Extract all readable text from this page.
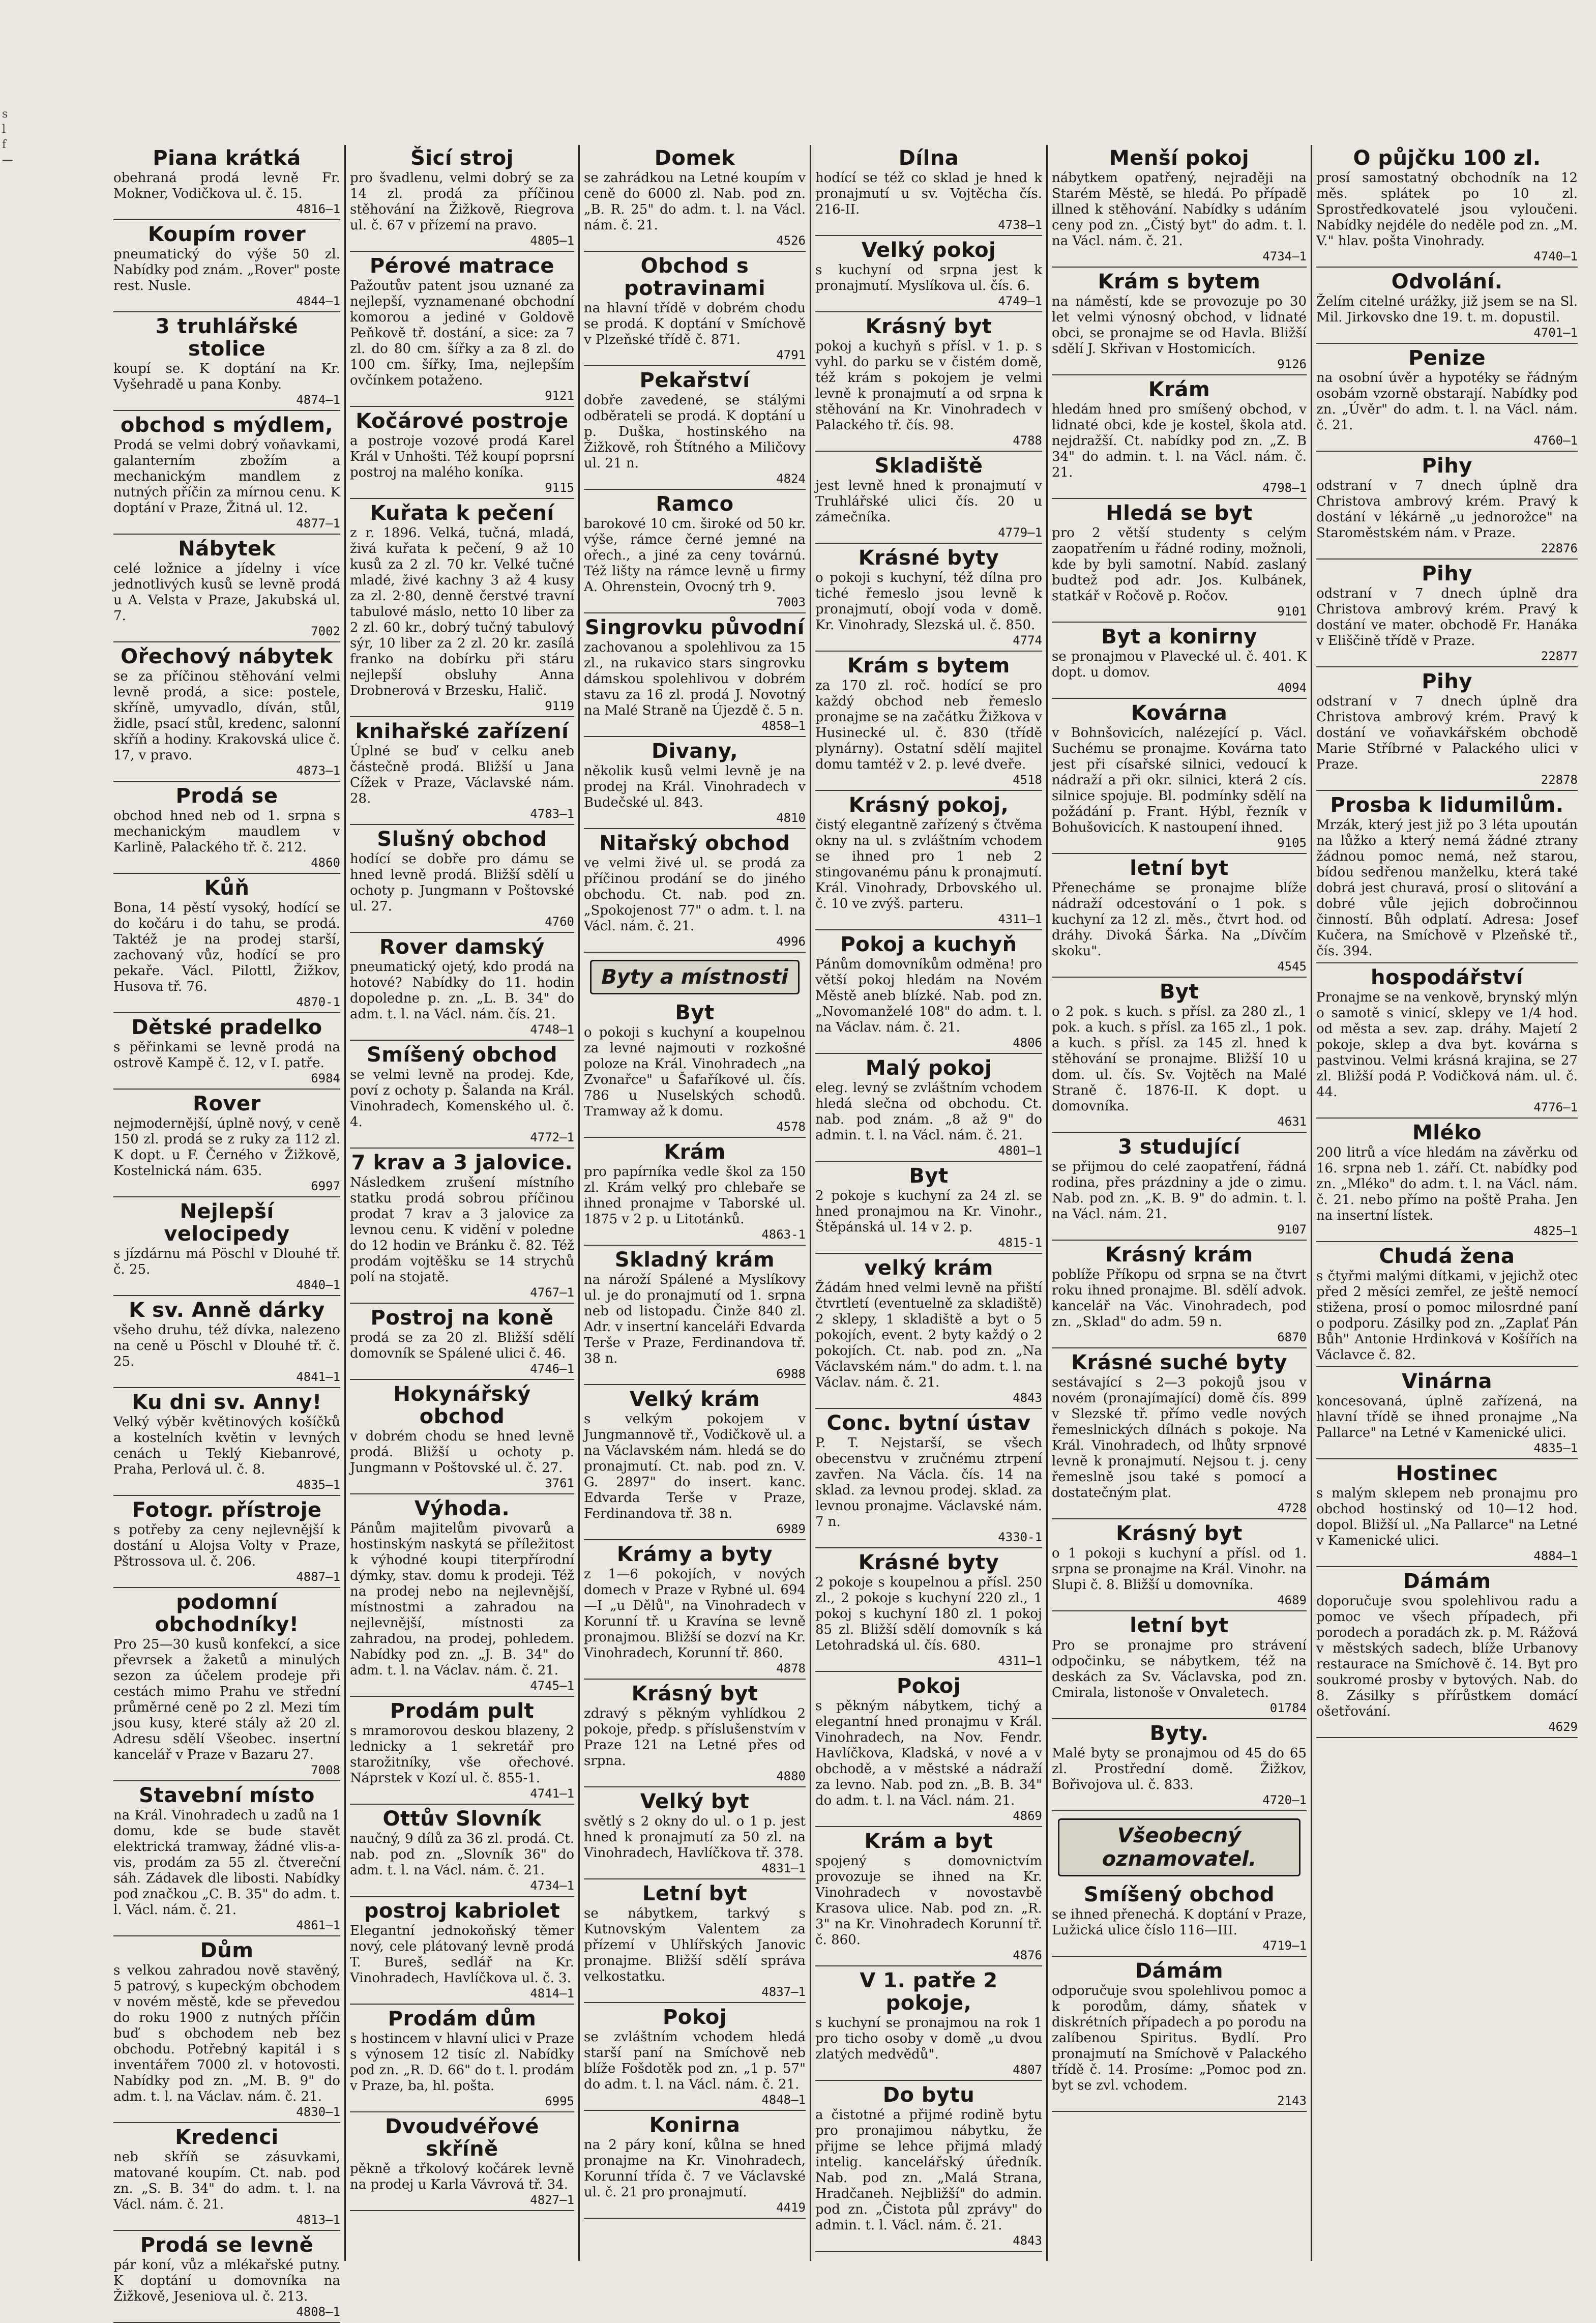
s
l
f
—	Piana krátká
obehraná prodá levně Fr. Mokner, Vodičkova ul. č. 15.
4816—1
Koupím rover
pneumatický do výše 50 zl. Nabídky pod znám. „Rover" poste rest. Nusle.
4844—1
3 truhlářské stolice
koupí se. K doptání na Kr. Vyšehradě u pana Konby.
4874—1
obchod s mýdlem,
Prodá se velmi dobrý voňavkami, galanterním zbožím a mechanickým mandlem z nutných příčin za mírnou cenu. K doptání v Praze, Žitná ul. 12.
4877—1
Nábytek
celé ložnice a jídelny i více jednotlivých kusů se levně prodá u A. Velsta v Praze, Jakubská ul. 7.
7002
Ořechový nábytek
se za příčinou stěhování velmi levně prodá, a sice: postele, skříně, umyvadlo, díván, stůl, židle, psací stůl, kredenc, salonní skříň a hodiny. Krakovská ulice č. 17, v pravo.
4873—1
Prodá se
obchod hned neb od 1. srpna s mechanickým maudlem v Karlině, Palackého tř. č. 212.
4860
Kůň
Bona, 14 pěstí vysoký, hodící se do kočáru i do tahu, se prodá. Taktéž je na prodej starší, zachovaný vůz, hodící se pro pekaře. Václ. Pilottl, Žižkov, Husova tř. 76.
4870-1
Dětské pradelko
s pěřinkami se levně prodá na ostrově Kampě č. 12, v I. patře.
6984
Rover
nejmodernější, úplně nový, v ceně 150 zl. prodá se z ruky za 112 zl. K dopt. u F. Černého v Žižkově, Kostelnická nám. 635.
6997
Nejlepší velocipedy
s jízdárnu má Pöschl v Dlouhé tř. č. 25.
4840—1
K sv. Anně dárky
všeho druhu, též dívka, nalezeno na ceně u Pöschl v Dlouhé tř. č. 25.
4841—1
Ku dni sv. Anny!
Velký výběr květinových košíčků a kostelních květin v levných cenách u Teklý Kiebanrové, Praha, Perlová ul. č. 8.
4835—1
Fotogr. přístroje
s potřeby za ceny nejlevnější k dostání u Alojsa Volty v Praze, Pštrossova ul. č. 206.
4887—1
podomní obchodníky!
Pro 25—30 kusů konfekcí, a sice převrsek a žaketů a minulých sezon za účelem prodeje při cestách mimo Prahu ve střední průměrné ceně po 2 zl. Mezi tím jsou kusy, které stály až 20 zl. Adresu sdělí Všeobec. insertní kancelář v Praze v Bazaru 27.
7008
Stavební místo
na Král. Vinohradech u zadů na 1 domu, kde se bude stavět elektrická tramway, žádné vlis-a-vis, prodám za 55 zl. čtvereční sáh. Zádavek dle libosti. Nabídky pod značkou „C. B. 35" do adm. t. l. Václ. nám. č. 21.
4861—1
Dům
s velkou zahradou nově stavěný, 5 patrový, s kupeckým obchodem v novém městě, kde se převedou do roku 1900 z nutných příčin buď s obchodem neb bez obchodu. Potřebný kapitál i s inventářem 7000 zl. v hotovosti. Nabídky pod zn. „M. B. 9" do adm. t. l. na Václav. nám. č. 21.
4830—1
Kredenci
neb skříň se zásuvkami, matované koupím. Ct. nab. pod zn. „S. B. 34" do adm. t. l. na Václ. nám. č. 21.
4813—1
Prodá se levně
pár koní, vůz a mlékařské putny. K doptání u domovníka na Žižkově, Jeseniova ul. č. 213.
4808—1
Šicí stroj
pro švadlenu, velmi dobrý se za 14 zl. prodá za příčinou stěhování na Žižkově, Riegrova ul. č. 67 v přízemí na pravo.
4805—1
Pérové matrace
Pažoutův patent jsou uznané za nejlepší, vyznamenané obchodní komorou a jediné v Goldově Peňkově tř. dostání, a sice: za 7 zl. do 80 cm. šířky a za 8 zl. do 100 cm. šířky, Ima, nejlepším ovčínkem potaženo.
9121
Kočárové postroje
a postroje vozové prodá Karel Král v Unhošti. Též koupí poprsní postroj na malého koníka.
9115
Kuřata k pečení
z r. 1896. Velká, tučná, mladá, živá kuřata k pečení, 9 až 10 kusů za 2 zl. 70 kr. Velké tučné mladé, živé kachny 3 až 4 kusy za zl. 2·80, denně čerstvé travní tabulové máslo, netto 10 liber za 2 zl. 60 kr., dobrý tučný tabulový sýr, 10 liber za 2 zl. 20 kr. zasílá franko na dobírku při stáru nejlepší obsluhy Anna Drobnerová v Brzesku, Halič.
9119
knihařské zařízení
Úplné se buď v celku aneb částečně prodá. Bližší u Jana Cížek v Praze, Václavské nám. 28.
4783—1
Slušný obchod
hodící se dobře pro dámu se hned levně prodá. Bližší sdělí u ochoty p. Jungmann v Poštovské ul. 27.
4760
Rover damský
pneumatický ojetý, kdo prodá na hotové? Nabídky do 11. hodin dopoledne p. zn. „L. B. 34" do adm. t. l. na Václ. nám. čís. 21.
4748—1
Smíšený obchod
se velmi levně na prodej. Kde, poví z ochoty p. Šalanda na Král. Vinohradech, Komenského ul. č. 4.
4772—1
7 krav a 3 jalovice.
Následkem zrušení místního statku prodá sobrou příčinou prodat 7 krav a 3 jalovice za levnou cenu. K vidění v poledne do 12 hodin ve Bránku č. 82. Též prodám vojtěšku se 14 strychů polí na stojatě.
4767—1
Postroj na koně
prodá se za 20 zl. Bližší sdělí domovník se Spálené ulici č. 46.
4746—1
Hokynářský obchod
v dobrém chodu se hned levně prodá. Bližší u ochoty p. Jungmann v Poštovské ul. č. 27.
3761
Výhoda.
Pánům majitelům pivovarů a hostinským naskytá se příležitost k výhodné koupi titerpřírodní dýmky, stav. domu k prodeji. Též na prodej nebo na nejlevnější, místnostmi a zahradou na nejlevnější, místnosti za zahradou, na prodej, pohledem. Nabídky pod zn. „J. B. 34" do adm. t. l. na Václav. nám. č. 21.
4745—1
Prodám pult
s mramorovou deskou blazeny, 2 lednicky a 1 sekretář pro starožitníky, vše ořechové. Náprstek v Kozí ul. č. 855-1.
4741—1
Ottův Slovník
naučný, 9 dílů za 36 zl. prodá. Ct. nab. pod zn. „Slovník 36" do adm. t. l. na Václ. nám. č. 21.
4734—1
postroj kabriolet
Elegantní jednokoňský těmer nový, cele plátovaný levně prodá T. Bureš, sedlář na Kr. Vinohradech, Havlíčkova ul. č. 3.
4814—1
Prodám dům
s hostincem v hlavní ulici v Praze s výnosem 12 tisíc zl. Nabídky pod zn. „R. D. 66" do t. l. prodám v Praze, ba, hl. pošta.
6995
Dvoudvéřové skříně
pěkně a třkolový kočárek levně na prodej u Karla Vávrová tř. 34.
4827—1
Domek
se zahrádkou na Letné koupím v ceně do 6000 zl. Nab. pod zn. „B. R. 25" do adm. t. l. na Václ. nám. č. 21.
4526
Obchod s potravinami
na hlavní třídě v dobrém chodu se prodá. K doptání v Smíchově v Plzeňské třídě č. 871.
4791
Pekařství
dobře zavedené, se stálými odběrateli se prodá. K doptání u p. Duška, hostinského na Žižkově, roh Štítného a Miličovy ul. 21 n.
4824
Ramco
barokové 10 cm. široké od 50 kr. výše, rámce černé jemné na ořech., a jiné za ceny továrnú. Též lišty na rámce levně u firmy A. Ohrenstein, Ovocný trh 9.
7003
Singrovku původní
zachovanou a spolehlivou za 15 zl., na rukavico stars singrovku dámskou spolehlivou v dobrém stavu za 16 zl. prodá J. Novotný na Malé Straně na Újezdě č. 5 n.
4858—1
Divany,
několik kusů velmi levně je na prodej na Král. Vinohradech v Budečské ul. 843.
4810
Nitařský obchod
ve velmi živé ul. se prodá za příčinou prodání se do jiného obchodu. Ct. nab. pod zn. „Spokojenost 77" o adm. t. l. na Václ. nám. č. 21.
4996
Byty a místnosti
Byt
o pokoji s kuchyní a koupelnou za levné najmouti v rozkošné poloze na Král. Vinohradech „na Zvonařce" u Šafaříkové ul. čís. 786 u Nuselských schodů. Tramway až k domu.
4578
Krám
pro papírníka vedle škol za 150 zl. Krám velký pro chlebaře se ihned pronajme v Taborské ul. 1875 v 2 p. u Litotánků.
4863-1
Skladný krám
na nároží Spálené a Myslíkovy ul. je do pronajmutí od 1. srpna neb od listopadu. Činže 840 zl. Adr. v insertní kanceláři Edvarda Terše v Praze, Ferdinandova tř. 38 n.
6988
Velký krám
s velkým pokojem v Jungmannově tř., Vodičkově ul. a na Václavském nám. hledá se do pronajmutí. Ct. nab. pod zn. V. G. 2897" do insert. kanc. Edvarda Terše v Praze, Ferdinandova tř. 38 n.
6989
Krámy a byty
z 1—6 pokojích, v nových domech v Praze v Rybné ul. 694—I „u Dělů", na Vinohradech v Korunní tř. u Kravína se levně pronajmou. Bližší se dozví na Kr. Vinohradech, Korunní tř. 860.
4878
Krásný byt
zdravý s pěkným vyhlídkou 2 pokoje, předp. s příslušenstvím v Praze 121 na Letné přes od srpna.
4880
Velký byt
světlý s 2 okny do ul. o 1 p. jest hned k pronajmutí za 50 zl. na Vinohradech, Havlíčkova tř. 378.
4831—1
Letní byt
se nábytkem, tarkvý s Kutnovským Valentem za přízemí v Uhlířských Janovic pronajme. Bližší sdělí správa velkostatku.
4837—1
Pokoj
se zvláštním vchodem hledá starší paní na Smíchově neb blíže Fošdotěk pod zn. „1 p. 57" do adm. t. l. na Václ. nám. č. 21.
4848—1
Konirna
na 2 páry koní, kůlna se hned pronajme na Kr. Vinohradech, Korunní třída č. 7 ve Václavské ul. č. 21 pro pronajmutí.
4419
Dílna
hodící se též co sklad je hned k pronajmutí u sv. Vojtěcha čís. 216-II.
4738—1
Velký pokoj
s kuchyní od srpna jest k pronajmutí. Myslíkova ul. čís. 6.
4749—1
Krásný byt
pokoj a kuchyň s přísl. v 1. p. s vyhl. do parku se v čistém domě, též krám s pokojem je velmi levně k pronajmutí a od srpna k stěhování na Kr. Vinohradech v Palackého tř. čís. 98.
4788
Skladiště
jest levně hned k pronajmutí v Truhlářské ulici čís. 20 u zámečníka.
4779—1
Krásné byty
o pokoji s kuchyní, též dílna pro tiché řemeslo jsou levně k pronajmutí, obojí voda v domě. Kr. Vinohrady, Slezská ul. č. 850.
4774
Krám s bytem
za 170 zl. roč. hodící se pro každý obchod neb řemeslo pronajme se na začátku Žižkova v Husinecké ul. č. 830 (třídě plynárny). Ostatní sdělí majitel domu tamtéž v 2. p. levé dveře.
4518
Krásný pokoj,
čistý elegantně zařízený s čtvěma okny na ul. s zvláštním vchodem se ihned pro 1 neb 2 stingovanému pánu k pronajmutí. Král. Vinohrady, Drbovského ul. č. 10 ve zvýš. parteru.
4311—1
Pokoj a kuchyň
Pánům domovníkům odměna! pro větší pokoj hledám na Novém Městě aneb blízké. Nab. pod zn. „Novomanželé 108" do adm. t. l. na Václav. nám. č. 21.
4806
Malý pokoj
eleg. levný se zvláštním vchodem hledá slečna od obchodu. Ct. nab. pod znám. „8 až 9" do admin. t. l. na Václ. nám. č. 21.
4801—1
Byt
2 pokoje s kuchyní za 24 zl. se hned pronajmou na Kr. Vinohr., Štěpánská ul. 14 v 2. p.
4815-1
velký krám
Žádám hned velmi levně na přiští čtvrtletí (eventuelně za skladiště) 2 sklepy, 1 skladiště a byt o 5 pokojích, event. 2 byty každý o 2 pokojích. Ct. nab. pod zn. „Na Václavském nám." do adm. t. l. na Václav. nám. č. 21.
4843
Conc. bytní ústav
P. T. Nejstarší, se všech obecenstvu v zručnému ztrpení zavřen. Na Václa. čís. 14 na sklad. za levnou prodej. sklad. za levnou pronajme. Václavské nám. 7 n.
4330-1
Krásné byty
2 pokoje s koupelnou a přísl. 250 zl., 2 pokoje s kuchyní 220 zl., 1 pokoj s kuchyní 180 zl. 1 pokoj 85 zl. Bližší sdělí domovník s ká Letohradská ul. čís. 680.
4311—1
Pokoj
s pěkným nábytkem, tichý a elegantní hned pronajmu v Král. Vinohradech, na Nov. Fendr. Havlíčkova, Kladská, v nové a v obchodě, a v městské a nádraží za levno. Nab. pod zn. „B. B. 34" do adm. t. l. na Václ. nám. 21.
4869
Krám a byt
spojený s domovnictvím provozuje se ihned na Kr. Vinohradech v novostavbě Krasova ulice. Nab. pod zn. „R. 3" na Kr. Vinohradech Korunní tř. č. 860.
4876
V 1. patře 2 pokoje,
s kuchyní se pronajmou na rok 1 pro ticho osoby v domě „u dvou zlatých medvědů".
4807
Do bytu
a čistotné a přijmé rodině bytu pro pronajimou nábytku, že přijme se lehce přijmá mladý intelig. kancelářský úředník. Nab. pod zn. „Malá Strana, Hradčaneh. Nejbližší" do admin. pod zn. „Čistota půl zprávy" do admin. t. l. Václ. nám. č. 21.
4843
Menší pokoj
nábytkem opatřený, nejraději na Starém Městě, se hledá. Po případě illned k stěhování. Nabídky s udáním ceny pod zn. „Čistý byt" do adm. t. l. na Václ. nám. č. 21.
4734—1
Krám s bytem
na náměstí, kde se provozuje po 30 let velmi výnosný obchod, v lidnaté obci, se pronajme se od Havla. Bližší sdělí J. Skřivan v Hostomicích.
9126
Krám
hledám hned pro smíšený obchod, v lidnaté obci, kde je kostel, škola atd. nejdražší. Ct. nabídky pod zn. „Z. B 34" do admin. t. l. na Václ. nám. č. 21.
4798—1
Hledá se byt
pro 2 větší studenty s celým zaopatřením u řádné rodiny, možnoli, kde by byli samotní. Nabíd. zaslaný budtež pod adr. Jos. Kulbánek, statkář v Ročově p. Ročov.
9101
Byt a konirny
se pronajmou v Plavecké ul. č. 401. K dopt. u domov.
4094
Kovárna
v Bohnšovicích, nalézející p. Václ. Suchému se pronajme. Kovárna tato jest při císařské silnici, vedoucí k nádraží a při okr. silnici, která 2 cís. silnice spojuje. Bl. podmínky sdělí na požádání p. Frant. Hýbl, řezník v Bohušovicích. K nastoupení ihned.
9105
letní byt
Přenecháme se pronajme blíže nádraží odcestování o 1 pok. s kuchyní za 12 zl. měs., čtvrt hod. od dráhy. Divoká Šárka. Na „Dívčím skoku".
4545
Byt
o 2 pok. s kuch. s přísl. za 280 zl., 1 pok. a kuch. s přísl. za 165 zl., 1 pok. a kuch. s přísl. za 145 zl. hned k stěhování se pronajme. Bližší 10 u dom. ul. čís. Sv. Vojtěch na Malé Straně č. 1876-II. K dopt. u domovníka.
4631
3 studující
se přijmou do celé zaopatření, řádná rodina, přes prázdniny a jde o zimu. Nab. pod zn. „K. B. 9" do admin. t. l. na Václ. nám. 21.
9107
Krásný krám
poblíže Příkopu od srpna se na čtvrt roku ihned pronajme. Bl. sdělí advok. kancelář na Vác. Vinohradech, pod zn. „Sklad" do adm. 59 n.
6870
Krásné suché byty
sestávající s 2—3 pokojů jsou v novém (pronajímající) domě čís. 899 v Slezské tř. přímo vedle nových řemeslnických dílnách s pokoje. Na Král. Vinohradech, od lhůty srpnové levně k pronajmutí. Nejsou t. j. ceny řemeslně jsou také s pomocí a dostatečným plat.
4728
Krásný byt
o 1 pokoji s kuchyní a přísl. od 1. srpna se pronajme na Král. Vinohr. na Slupi č. 8. Bližší u domovníka.
4689
letní byt
Pro se pronajme pro strávení odpočinku, se nábytkem, též na deskách za Sv. Václavska, pod zn. Cmirala, listonoše v Onvaletech.
01784
Byty.
Malé byty se pronajmou od 45 do 65 zl. Prostřední domě. Žižkov, Bořivojova ul. č. 833.
4720—1
Všeobecný oznamovatel.
Smíšený obchod
se ihned přenechá. K doptání v Praze, Lužická ulice číslo 116—III.
4719—1
Dámám
odporučuje svou spolehlivou pomoc a k porodům, dámy, sňatek v diskrétních případech a po porodu na zalíbenou Spiritus. Bydlí. Pro pronajmutí na Smíchově v Palackého třídě č. 14. Prosíme: „Pomoc pod zn. byt se zvl. vchodem.
2143
O půjčku 100 zl.
prosí samostatný obchodník na 12 měs. splátek po 10 zl. Sprostředkovatelé jsou vyloučeni. Nabídky nejdéle do neděle pod zn. „M. V." hlav. pošta Vinohrady.
4740—1
Odvolání.
Želím citelné urážky, již jsem se na Sl. Mil. Jirkovsko dne 19. t. m. dopustil.
4701—1
Penize
na osobní úvěr a hypotéky se řádným osobám vzorně obstarají. Nabídky pod zn. „Úvěr" do adm. t. l. na Václ. nám. č. 21.
4760—1
Pihy
odstraní v 7 dnech úplně dra Christova ambrový krém. Pravý k dostání v lékárně „u jednorožce" na Staroměstském nám. v Praze.
22876
Pihy
odstraní v 7 dnech úplně dra Christova ambrový krém. Pravý k dostání ve mater. obchodě Fr. Hanáka v Eliščině třídě v Praze.
22877
Pihy
odstraní v 7 dnech úplně dra Christova ambrový krém. Pravý k dostání ve voňavkářském obchodě Marie Stříbrné v Palackého ulici v Praze.
22878
Prosba k lidumilům.
Mrzák, který jest již po 3 léta upoután na lůžko a který nemá žádné ztrany žádnou pomoc nemá, než starou, bídou sedřenou manželku, která také dobrá jest churavá, prosí o slitování a dobré vůle jejich dobročinnou činností. Bůh odplatí. Adresa: Josef Kučera, na Smíchově v Plzeňské tř., čís. 394.
hospodářství
Pronajme se na venkově, brynský mlýn o samotě s vinicí, sklepy ve 1/4 hod. od města a sev. zap. dráhy. Majetí 2 pokoje, sklep a dva byt. kovárna s pastvinou. Velmi krásná krajina, se 27 zl. Bližší podá P. Vodičková nám. ul. č. 44.
4776—1
Mléko
200 litrů a více hledám na závěrku od 16. srpna neb 1. září. Ct. nabídky pod zn. „Mléko" do adm. t. l. na Václ. nám. č. 21. nebo přímo na poště Praha. Jen na insertní lístek.
4825—1
Chudá žena
s čtyřmi malými dítkami, v jejichž otec před 2 měsíci zemřel, ze ještě nemocí stižena, prosí o pomoc milosrdné paní o podporu. Zásilky pod zn. „Zaplať Pán Bůh" Antonie Hrdinková v Košířích na Václavce č. 82.
Vinárna
koncesovaná, úplně zařízená, na hlavní třídě se ihned pronajme „Na Pallarce" na Letné v Kamenické ulici.
4835—1
Hostinec
s malým sklepem neb pronajmu pro obchod hostinský od 10—12 hod. dopol. Bližší ul. „Na Pallarce" na Letné v Kamenické ulici.
4884—1
Dámám
doporučuje svou spolehlivou radu a pomoc ve všech případech, při porodech a poradách zk. p. M. Rážová v městských sadech, blíže Urbanovy restaurace na Smíchově č. 14. Byt pro soukromé prosby v bytových. Nab. do 8. Zásilky s přírůstkem domácí ošetřování.
4629
